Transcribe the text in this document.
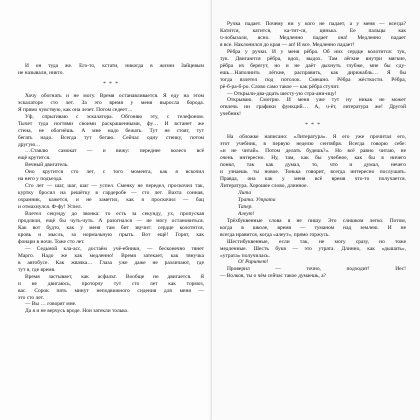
И он туда же. Его-то, кстати, никогда в жизни Зайцевым
не называли, никто.
* * *
Хочу обогнать и не могу. Время останавливается. Я еду на этом
эскалаторе сто лет. За это время у меня выросла борода.
Я прямо чувствую, как она лезет. Потом седеет…
Уф, спрыгиваю с эскалатора. Обгоняю эту, с телефоном.
Тычет туда ногтями своими раскрашенными, фу… И встанет же
стена, не обогнёшь. А мне надо бежать. Тут не стоят, тут
бегать надо. Всегда тут бегаю. Сейчас одну стенку, потом
другую…
…Ставлю самокат — и вижу: переднее колесо всё
ещё крутится.
Вечный двигатель.
Оно крутится сто лет, с того момента, как я вскочил
на него у подъезда.
Сто лет — шаг, шаг, шаг — успел. Сменку не передел, проскочил так,
куртку бросил на решётку в гардеробе — сто лет. Вахта сонная,
охранник, кажется, и не заметил, как я проскочил — бац
и отмахнулся. Ф-фу! Успел.
Влетел секунду до звонка: то есть за секунду, ух, пропуская
продлили, ещё бы чуть-чуть. А разогнался — не могу остановиться.
Как вот будто, как у меня там бит звучит: сердце колотится,
кровь и мысль, за нормальную прыть. Вот ещё! Горят, как
фонари в ночи. Тоже сто лет.
— Седьмой кла-асс, достаём учё-ебники, — бесконечно тянет
Марго. Надо же как медленно! Время затекает, как тянучка
в автобусе. Как жвачка… Глаза уже даже не различают, где
тут я, где время.
Время застывает, как асфальт. Вообще не двигается. Я
и не двигаюсь, проторчу тут сто лет как тормоз,
вас. Сорок пять минут неподвижного сидения для меня —
это сто лет.
— Вы … говорят мне.
Да я и не верчусь вроде. Нои затекли только.
Ручка падает. Почему ни у кого не падает, а у меня — всегда?
Катится, катится, ка-тит-ся, цинька. Ее пальцы как
ч-лобызали, ясно. Медленно падает она! Медленно падает
я все. Наклонился до края — ап! И все. Медленно падает!
Рёбра у ручки. И у меня рёбра. Об них сердце колотится: тук,
тук. Двигаются рёбра, вдох, выдох. Там лёгкие внутри мягкие,
рёбра их берегут, но и не даёт дыхнуть глубже, мне бы сду-
ешь…Наполнить лёгкие, расправить, как дирижабль… Я бы
тогда взлетел под потолок. Смешно. Рёбра жёсткости. Рёбра,
рё-б-ра-б-ро. Слово само такое — как рёбра стучит.
— Открыли-два-дцать шесту-ую стра-ани-ицу!
Открываю. Смотрю. И меня уже тут ну никак не может
отвлечь ни графики функций… А, ч-ёт, литература же! Другой
учебник!
* * *
На обложке написано: «Литература». Я его уже прочитал его,
этот учебник, в первую неделю сентября. Всегда говорю себе:
«и не читай». Потом делать будешь?». Но всё равно читаю, не
очень интересно. Ну, там, как бы учебное, как бы я ничего
понял, так как думал, то, что и думал, нечего
и узнаешь ты новое. Тонька говорит, всегда интересно послушать.
Правда, она как у меня всё время что-то получается.
Литература. Хорошее слово, длинное.
Лита
Трата. Утрата
Тапер.
Алеут!
Трёхбуквенные слова я не пишу. Это слишком легко. Потом,
когда в школе, время — туманом над землею. И не
всегда нравится, когда «алеут», прямо горжусь.
Шестибуквенные, если так, не могу сразу, но тоже
медленные. Шесть букв — это утрата. Длинно, как «дышать»,
«утрата» получилась.
О! Раритет!
Проверил — точно, подходит! Иес!
— Волков, ты о чём сейчас такое думаешь, а?
